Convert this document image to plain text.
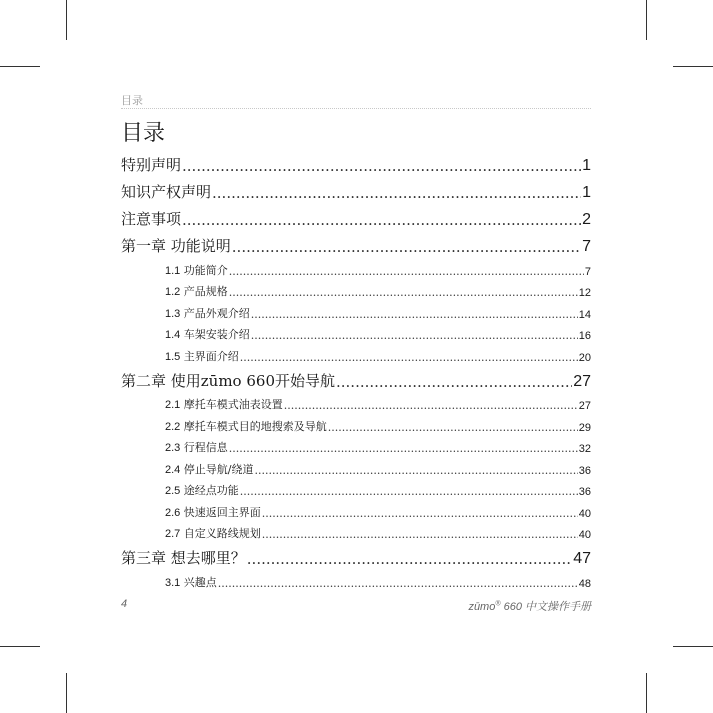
目录
目录
特别声明 .....	1
知识产权声明 .....	1
注意事项 .....	2
第一章 功能说明 .....	7
1.1 功能简介 .....	7
1.2 产品规格 .....	12
1.3 产品外观介绍 .....	14
1.4 车架安装介绍 .....	16
1.5 主界面介绍 .....	20
第二章 使用zūmo 660开始导航 .....	27
2.1 摩托车模式油表设置 .....	27
2.2 摩托车模式目的地搜索及导航 .....	29
2.3 行程信息 .....	32
2.4 停止导航/绕道 .....	36
2.5 途经点功能 .....	36
2.6 快速返回主界面 .....	40
2.7 自定义路线规划 .....	40
第三章 想去哪里？ .....	47
3.1 兴趣点 .....	48
4	zūmo® 660 中文操作手册
